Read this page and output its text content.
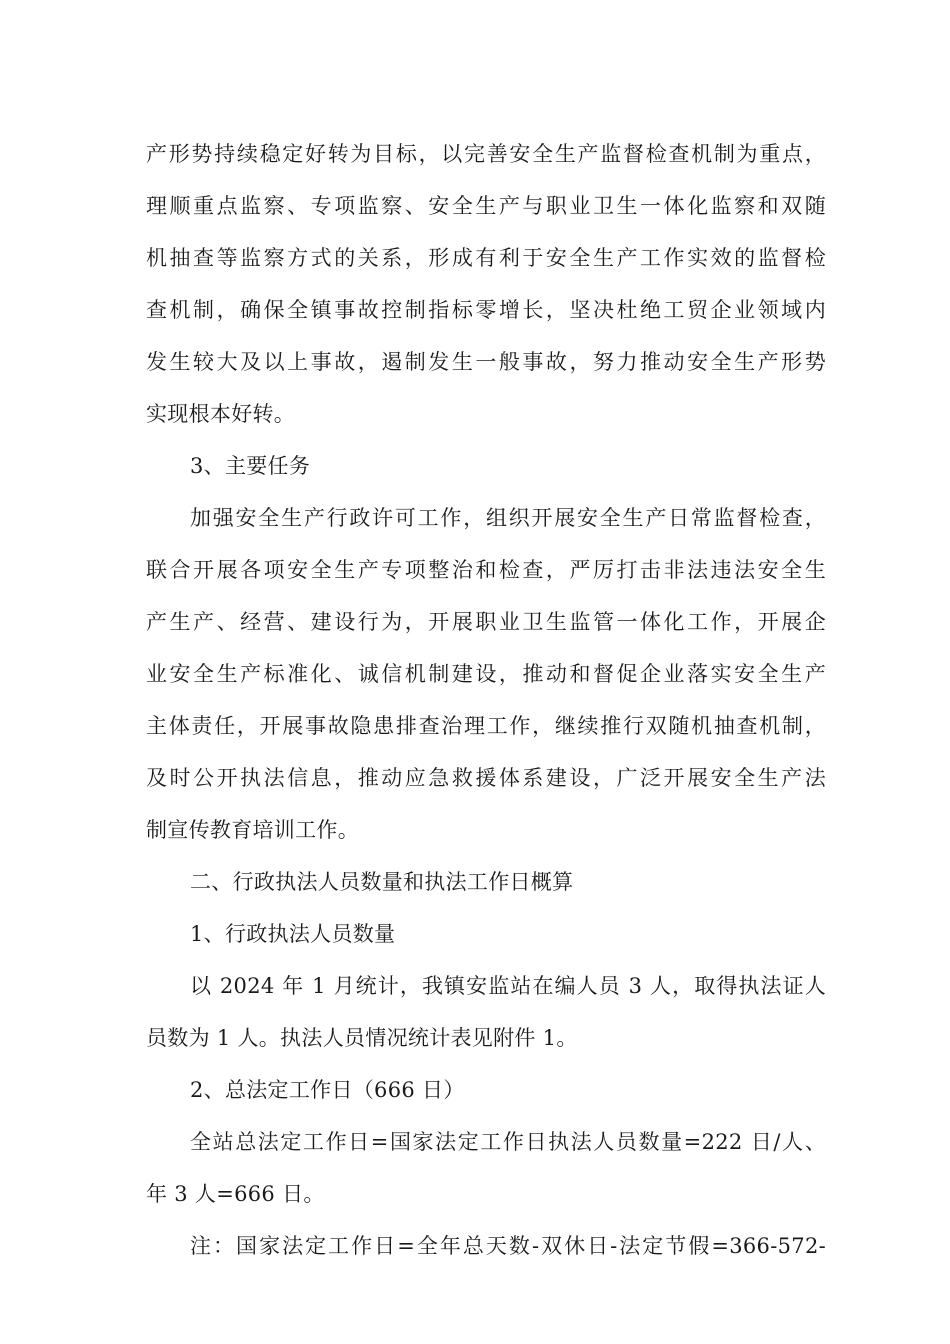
产形势持续稳定好转为目标，以完善安全生产监督检查机制为重点，
理顺重点监察、专项监察、安全生产与职业卫生一体化监察和双随
机抽查等监察方式的关系，形成有利于安全生产工作实效的监督检
查机制，确保全镇事故控制指标零增长，坚决杜绝工贸企业领域内
发生较大及以上事故，遏制发生一般事故，努力推动安全生产形势
实现根本好转。
3、主要任务
加强安全生产行政许可工作，组织开展安全生产日常监督检查，
联合开展各项安全生产专项整治和检查，严厉打击非法违法安全生
产生产、经营、建设行为，开展职业卫生监管一体化工作，开展企
业安全生产标准化、诚信机制建设，推动和督促企业落实安全生产
主体责任，开展事故隐患排查治理工作，继续推行双随机抽查机制，
及时公开执法信息，推动应急救援体系建设，广泛开展安全生产法
制宣传教育培训工作。
二、行政执法人员数量和执法工作日概算
1、行政执法人员数量
以 2024 年 1 月统计，我镇安监站在编人员 3 人，取得执法证人
员数为 1 人。执法人员情况统计表见附件 1。
2、总法定工作日（666 日）
全站总法定工作日=国家法定工作日执法人员数量=222 日/人、
年 3 人=666 日。
注：国家法定工作日=全年总天数-双休日-法定节假=366-572-
